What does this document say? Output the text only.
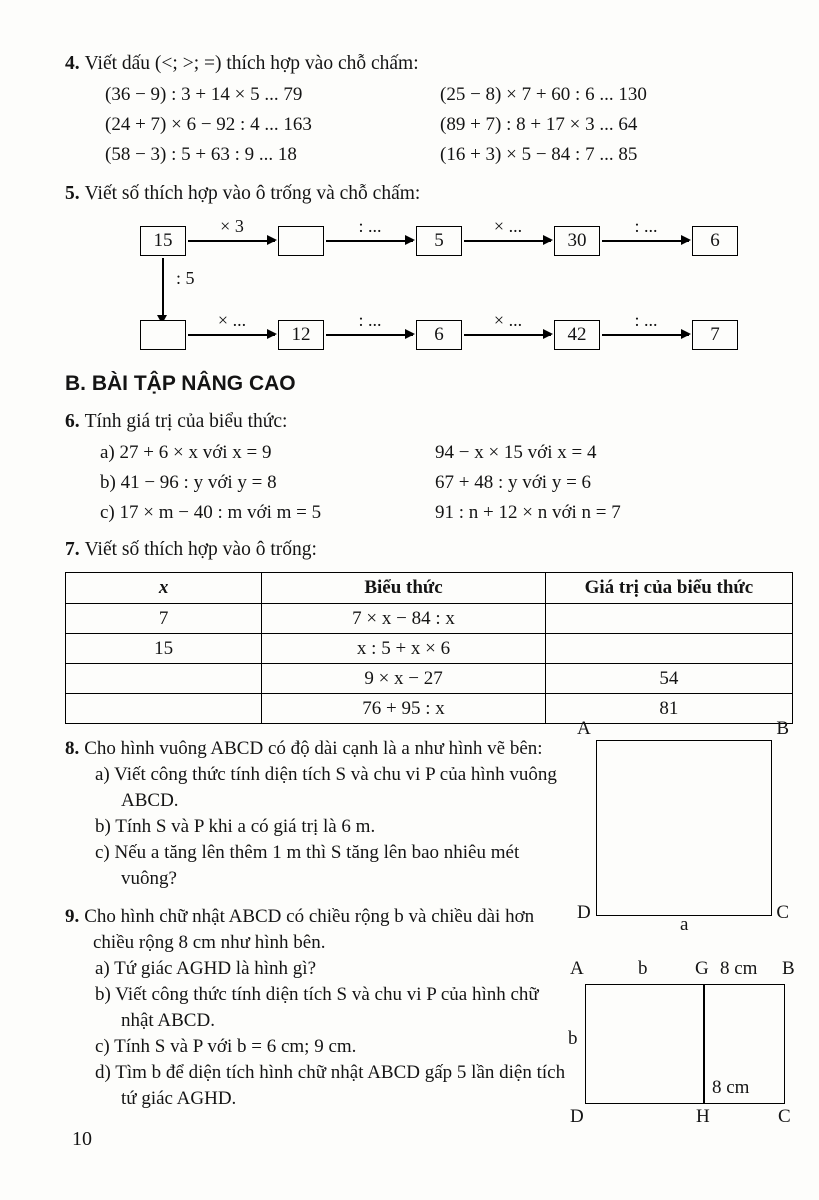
4. Viết dấu (<; >; =) thích hợp vào chỗ chấm:
(36 − 9) : 3 + 14 × 5 ... 79
(24 + 7) × 6 − 92 : 4 ... 163
(58 − 3) : 5 + 63 : 9 ... 18
(25 − 8) × 7 + 60 : 6 ... 130
(89 + 7) : 8 + 17 × 3 ... 64
(16 + 3) × 5 − 84 : 7 ... 85
5. Viết số thích hợp vào ô trống và chỗ chấm:
15
× 3	: ...
5
× ...
30
: ...
6
: 5
× ...
12
: ...
6
× ...
42
: ...
7
B. BÀI TẬP NÂNG CAO
6. Tính giá trị của biểu thức:
a) 27 + 6 × x với x = 9	94 − x × 15 với x = 4
b) 41 − 96 : y với y = 8	67 + 48 : y với y = 6
c) 17 × m − 40 : m với m = 5	91 : n + 12 × n với n = 7
7. Viết số thích hợp vào ô trống:
x	Biểu thức	Giá trị của biểu thức
7	7 × x − 84 : x	
15	x : 5 + x × 6	
	9 × x − 27	54
	76 + 95 : x	81
8. Cho hình vuông ABCD có độ dài cạnh là a như hình vẽ bên:
a) Viết công thức tính diện tích S và chu vi P của hình vuông ABCD.
b) Tính S và P khi a có giá trị là 6 m.
c) Nếu a tăng lên thêm 1 m thì S tăng lên bao nhiêu mét vuông?
9. Cho hình chữ nhật ABCD có chiều rộng b và chiều dài hơn chiều rộng 8 cm như hình bên.
a) Tứ giác AGHD là hình gì?
b) Viết công thức tính diện tích S và chu vi P của hình chữ nhật ABCD.
c) Tính S và P với b = 6 cm; 9 cm.
d) Tìm b để diện tích hình chữ nhật ABCD gấp 5 lần diện tích tứ giác AGHD.
A	B
D	C
a
A	b	G 8 cm B
b
8 cm
D	H	C
10
